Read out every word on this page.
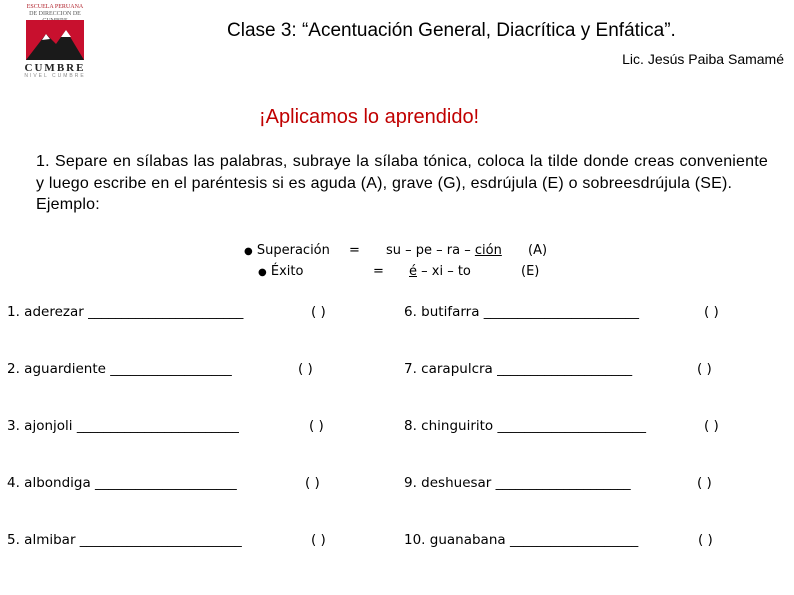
ESCUELA PERUANA
DE DIRECCION DE
CUMBRE
NIVEL CUMBRE
Clase 3: “Acentuación General, Diacrítica y Enfática”.
Lic. Jesús Paiba Samamé
¡Aplicamos lo aprendido!
1. Separe en sílabas las palabras, subraye la sílaba tónica, coloca la tilde donde creas conveniente y luego escribe en el paréntesis si es aguda (A), grave (G), esdrújula (E) o sobreesdrújula (SE).
Ejemplo:
● Superación = su – pe – ra – ción (A)
● Éxito	= é – xi – to	(E)
1. aderezar _______________________	( )
2. aguardiente __________________	( )
3. ajonjoli ________________________	( )
4. albondiga _____________________	( )
5. almibar ________________________	( )
6. butifarra _______________________	( )
7. carapulcra ____________________	( )
8. chinguirito ______________________	( )
9. deshuesar ____________________	( )
10. guanabana ___________________	( )
